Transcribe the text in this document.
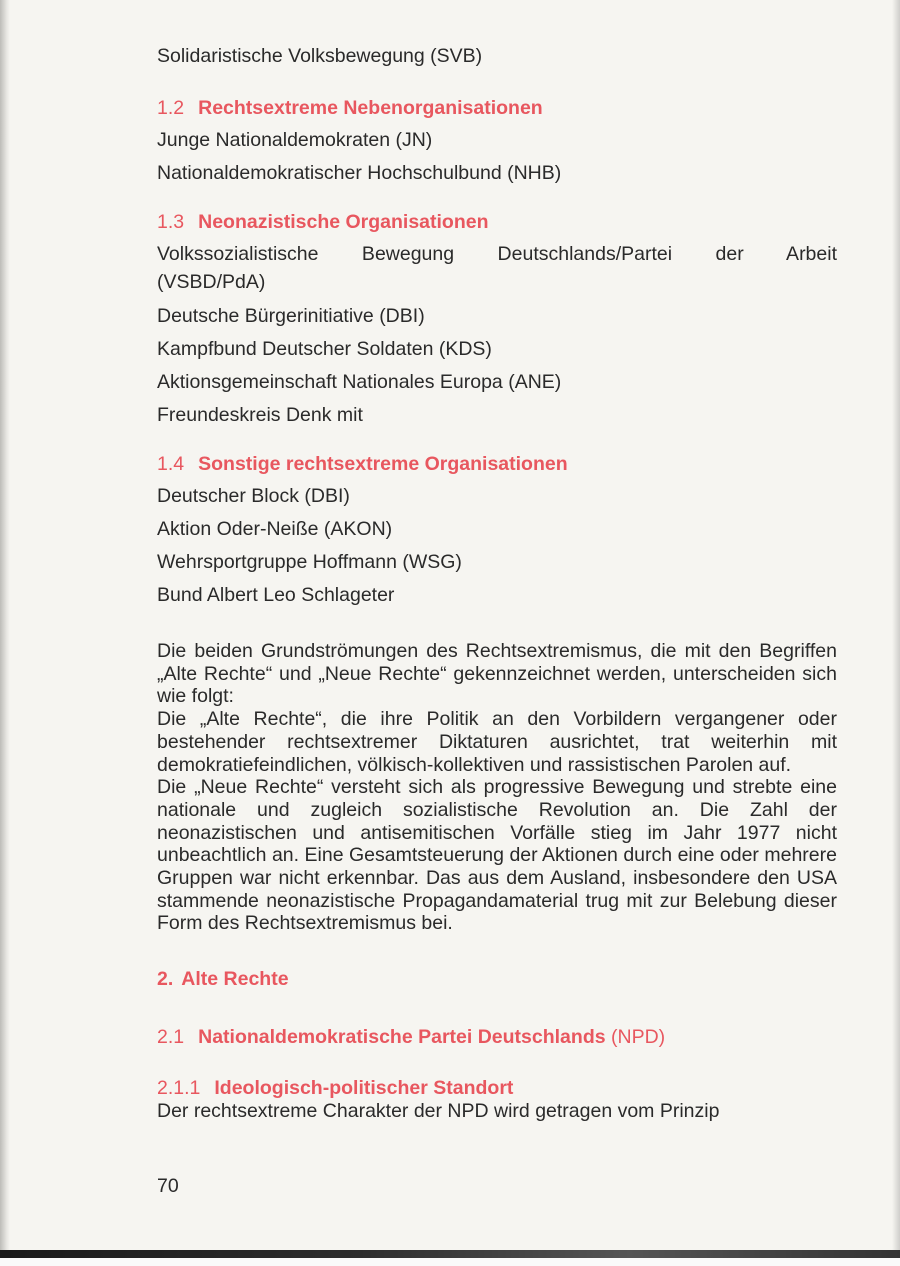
Solidaristische Volksbewegung (SVB)
1.2 Rechtsextreme Nebenorganisationen
Junge Nationaldemokraten (JN)
Nationaldemokratischer Hochschulbund (NHB)
1.3 Neonazistische Organisationen
Volkssozialistische Bewegung Deutschlands/Partei der Arbeit
(VSBD/PdA)
Deutsche Bürgerinitiative (DBI)
Kampfbund Deutscher Soldaten (KDS)
Aktionsgemeinschaft Nationales Europa (ANE)
Freundeskreis Denk mit
1.4 Sonstige rechtsextreme Organisationen
Deutscher Block (DBI)
Aktion Oder-Neiße (AKON)
Wehrsportgruppe Hoffmann (WSG)
Bund Albert Leo Schlageter

Die beiden Grundströmungen des Rechtsextremismus, die mit den Begriffen „Alte Rechte“ und „Neue Rechte“ gekennzeichnet werden, unterscheiden sich wie folgt:

Die „Alte Rechte“, die ihre Politik an den Vorbildern vergangener oder bestehender rechtsextremer Diktaturen ausrichtet, trat weiterhin mit demokratiefeindlichen, völkisch-kollektiven und rassistischen Parolen auf.

Die „Neue Rechte“ versteht sich als progressive Bewegung und strebte eine nationale und zugleich sozialistische Revolution an. Die Zahl der neonazistischen und antisemitischen Vorfälle stieg im Jahr 1977 nicht unbeachtlich an. Eine Gesamtsteuerung der Aktionen durch eine oder mehrere Gruppen war nicht erkennbar. Das aus dem Ausland, insbesondere den USA stammende neonazistische Propagandamaterial trug mit zur Belebung dieser Form des Rechtsextremismus bei.

2. Alte Rechte
2.1 Nationaldemokratische Partei Deutschlands (NPD)
2.1.1 Ideologisch-politischer Standort
Der rechtsextreme Charakter der NPD wird getragen vom Prinzip
70
